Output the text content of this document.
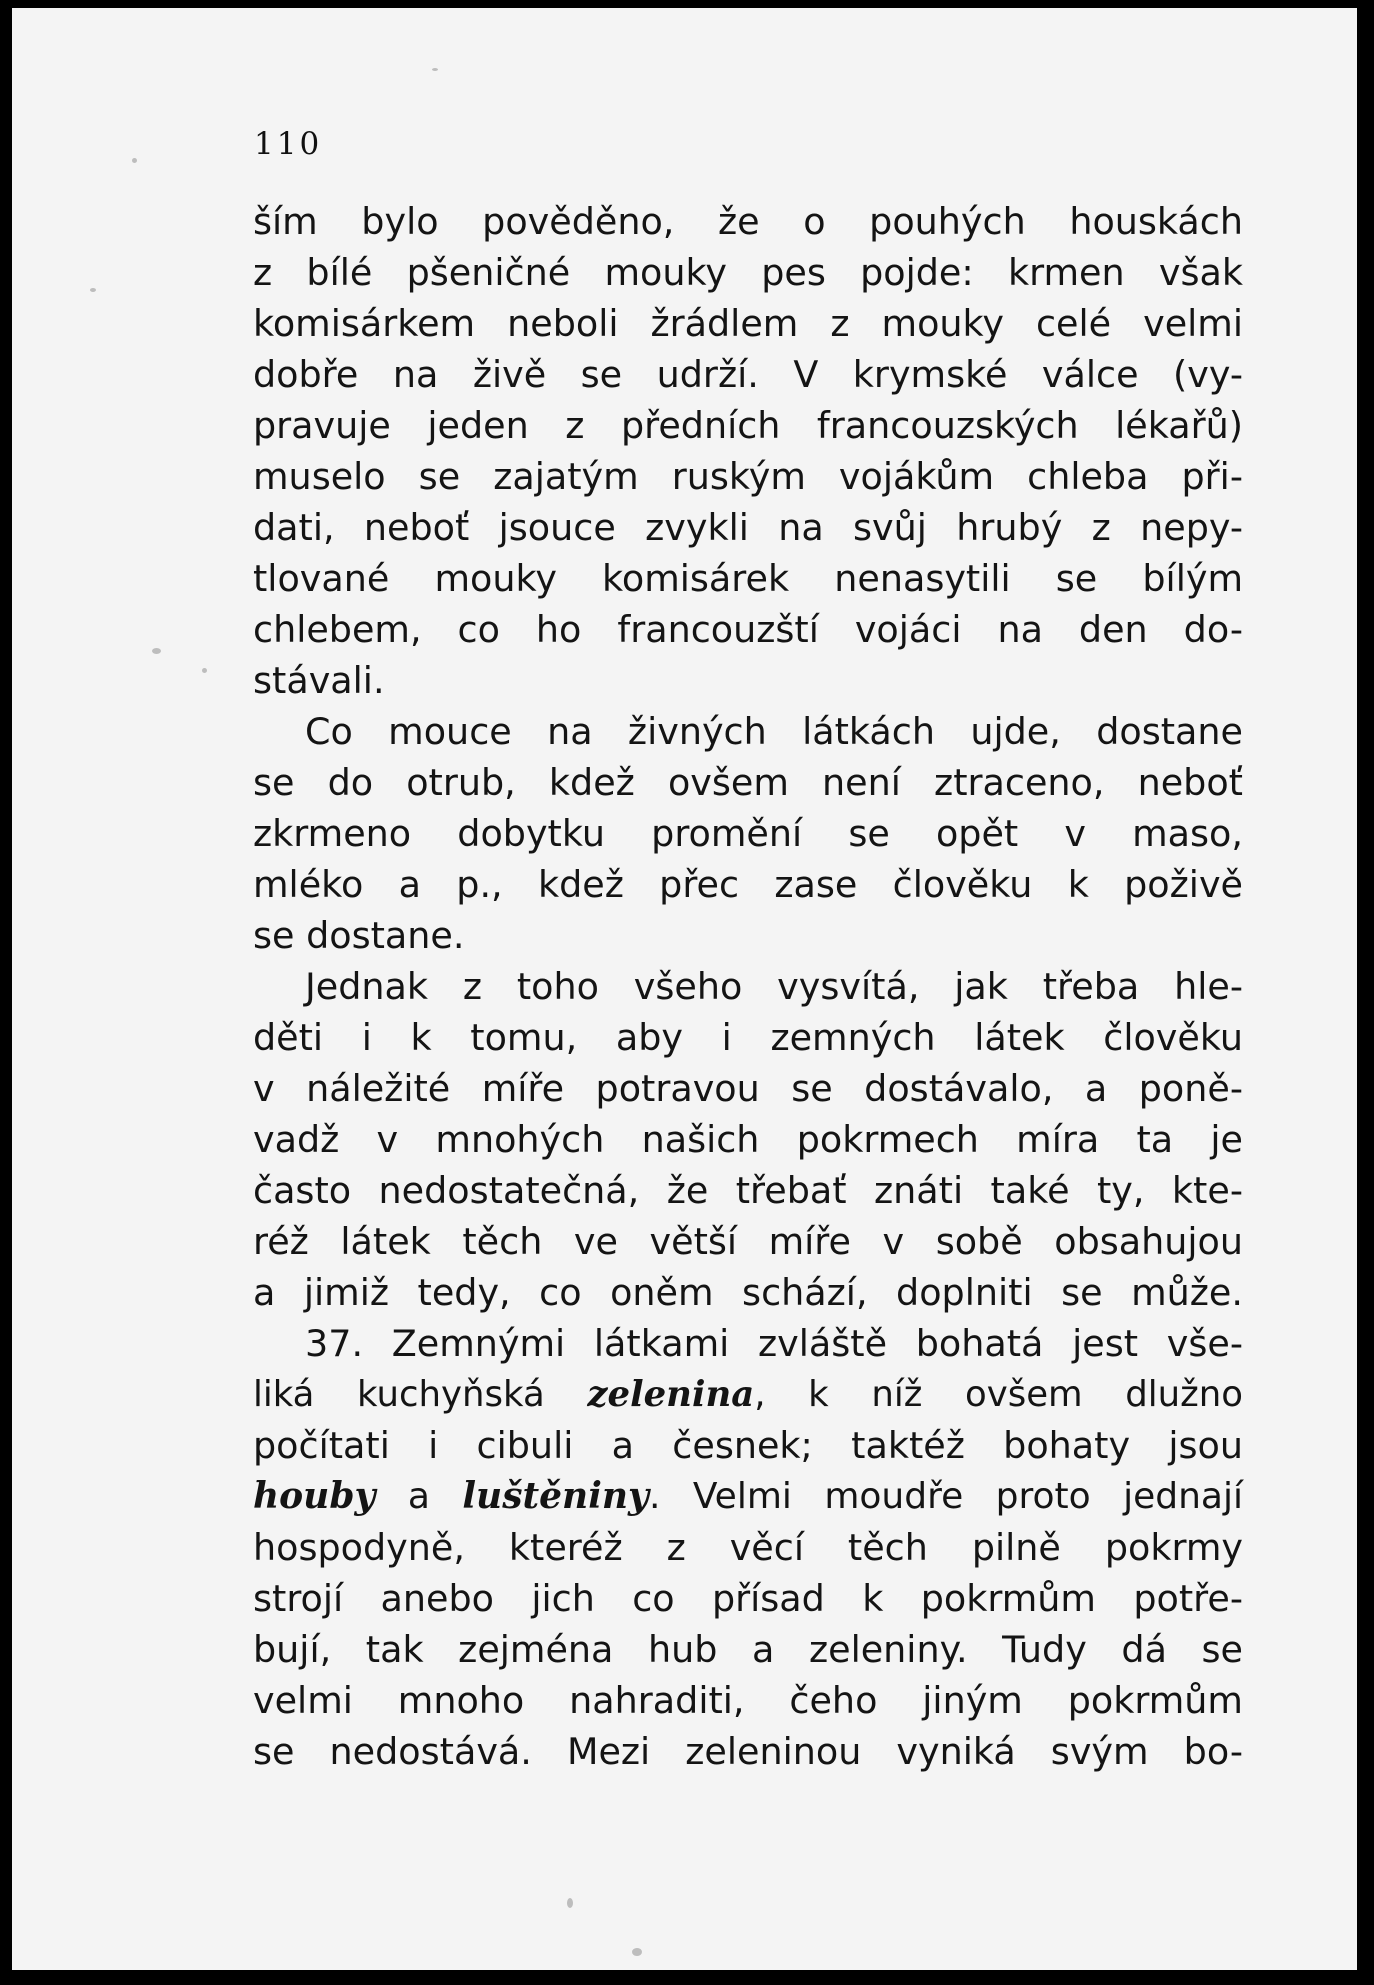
110
ším bylo pověděno, že o pouhých houskách
z bílé pšeničné mouky pes pojde: krmen však
komisárkem neboli žrádlem z mouky celé velmi
dobře na živě se udrží. V krymské válce (vy-
pravuje jeden z předních francouzských lékařů)
muselo se zajatým ruským vojákům chleba při-
dati, neboť jsouce zvykli na svůj hrubý z nepy-
tlované mouky komisárek nenasytili se bílým
chlebem, co ho francouzští vojáci na den do-
stávali.
Co mouce na živných látkách ujde, dostane
se do otrub, kdež ovšem není ztraceno, neboť
zkrmeno dobytku promění se opět v maso,
mléko a p., kdež přec zase člověku k poživě
se dostane.
Jednak z toho všeho vysvítá, jak třeba hle-
děti i k tomu, aby i zemných látek člověku
v náležité míře potravou se dostávalo, a poně-
vadž v mnohých našich pokrmech míra ta je
často nedostatečná, že třebať znáti také ty, kte-
réž látek těch ve větší míře v sobě obsahujou
a jimiž tedy, co oněm schází, doplniti se může.
37. Zemnými látkami zvláště bohatá jest vše-
liká kuchyňská zelenina, k níž ovšem dlužno
počítati i cibuli a česnek; taktéž bohaty jsou
houby a luštěniny. Velmi moudře proto jednají
hospodyně, kteréž z věcí těch pilně pokrmy
strojí anebo jich co přísad k pokrmům potře-
bují, tak zejména hub a zeleniny. Tudy dá se
velmi mnoho nahraditi, čeho jiným pokrmům
se nedostává. Mezi zeleninou vyniká svým bo-
